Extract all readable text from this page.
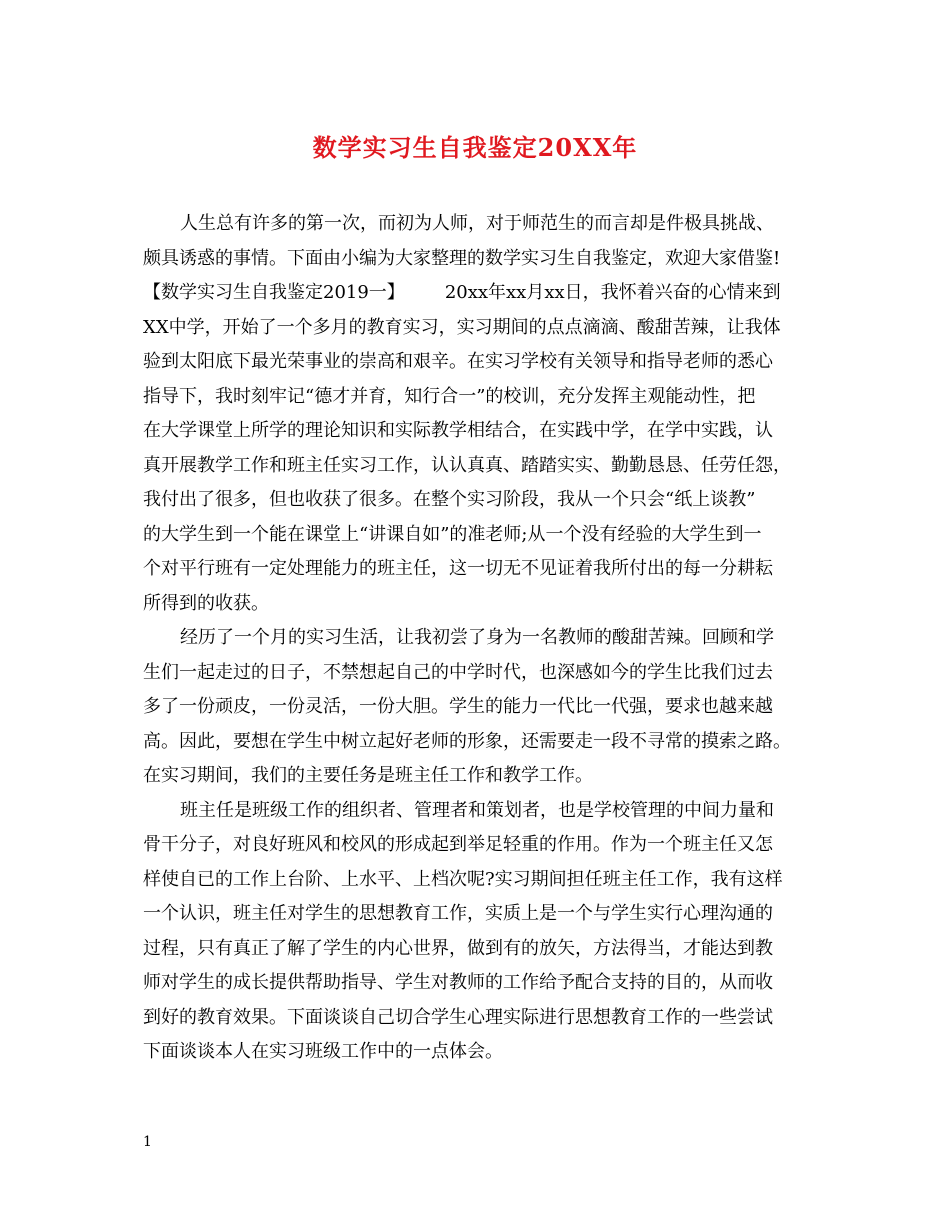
数学实习生自我鉴定20XX年
人生总有许多的第一次，而初为人师，对于师范生的而言却是件极具挑战、
颇具诱惑的事情。下面由小编为大家整理的数学实习生自我鉴定，欢迎大家借鉴!
【数学实习生自我鉴定2019一】 20xx年xx月xx日，我怀着兴奋的心情来到
XX中学，开始了一个多月的教育实习，实习期间的点点滴滴、酸甜苦辣，让我体
验到太阳底下最光荣事业的崇高和艰辛。在实习学校有关领导和指导老师的悉心
指导下，我时刻牢记“德才并育，知行合一”的校训，充分发挥主观能动性，把
在大学课堂上所学的理论知识和实际教学相结合，在实践中学，在学中实践，认
真开展教学工作和班主任实习工作，认认真真、踏踏实实、勤勤恳恳、任劳任怨，
我付出了很多，但也收获了很多。在整个实习阶段，我从一个只会“纸上谈教”
的大学生到一个能在课堂上“讲课自如”的准老师;从一个没有经验的大学生到一
个对平行班有一定处理能力的班主任，这一切无不见证着我所付出的每一分耕耘
所得到的收获。
经历了一个月的实习生活，让我初尝了身为一名教师的酸甜苦辣。回顾和学
生们一起走过的日子，不禁想起自己的中学时代，也深感如今的学生比我们过去
多了一份顽皮，一份灵活，一份大胆。学生的能力一代比一代强，要求也越来越
高。因此，要想在学生中树立起好老师的形象，还需要走一段不寻常的摸索之路。
在实习期间，我们的主要任务是班主任工作和教学工作。
班主任是班级工作的组织者、管理者和策划者，也是学校管理的中间力量和
骨干分子，对良好班风和校风的形成起到举足轻重的作用。作为一个班主任又怎
样使自已的工作上台阶、上水平、上档次呢?实习期间担任班主任工作，我有这样
一个认识，班主任对学生的思想教育工作，实质上是一个与学生实行心理沟通的
过程，只有真正了解了学生的内心世界，做到有的放矢，方法得当，才能达到教
师对学生的成长提供帮助指导、学生对教师的工作给予配合支持的目的，从而收
到好的教育效果。下面谈谈自己切合学生心理实际进行思想教育工作的一些尝试
下面谈谈本人在实习班级工作中的一点体会。
1
